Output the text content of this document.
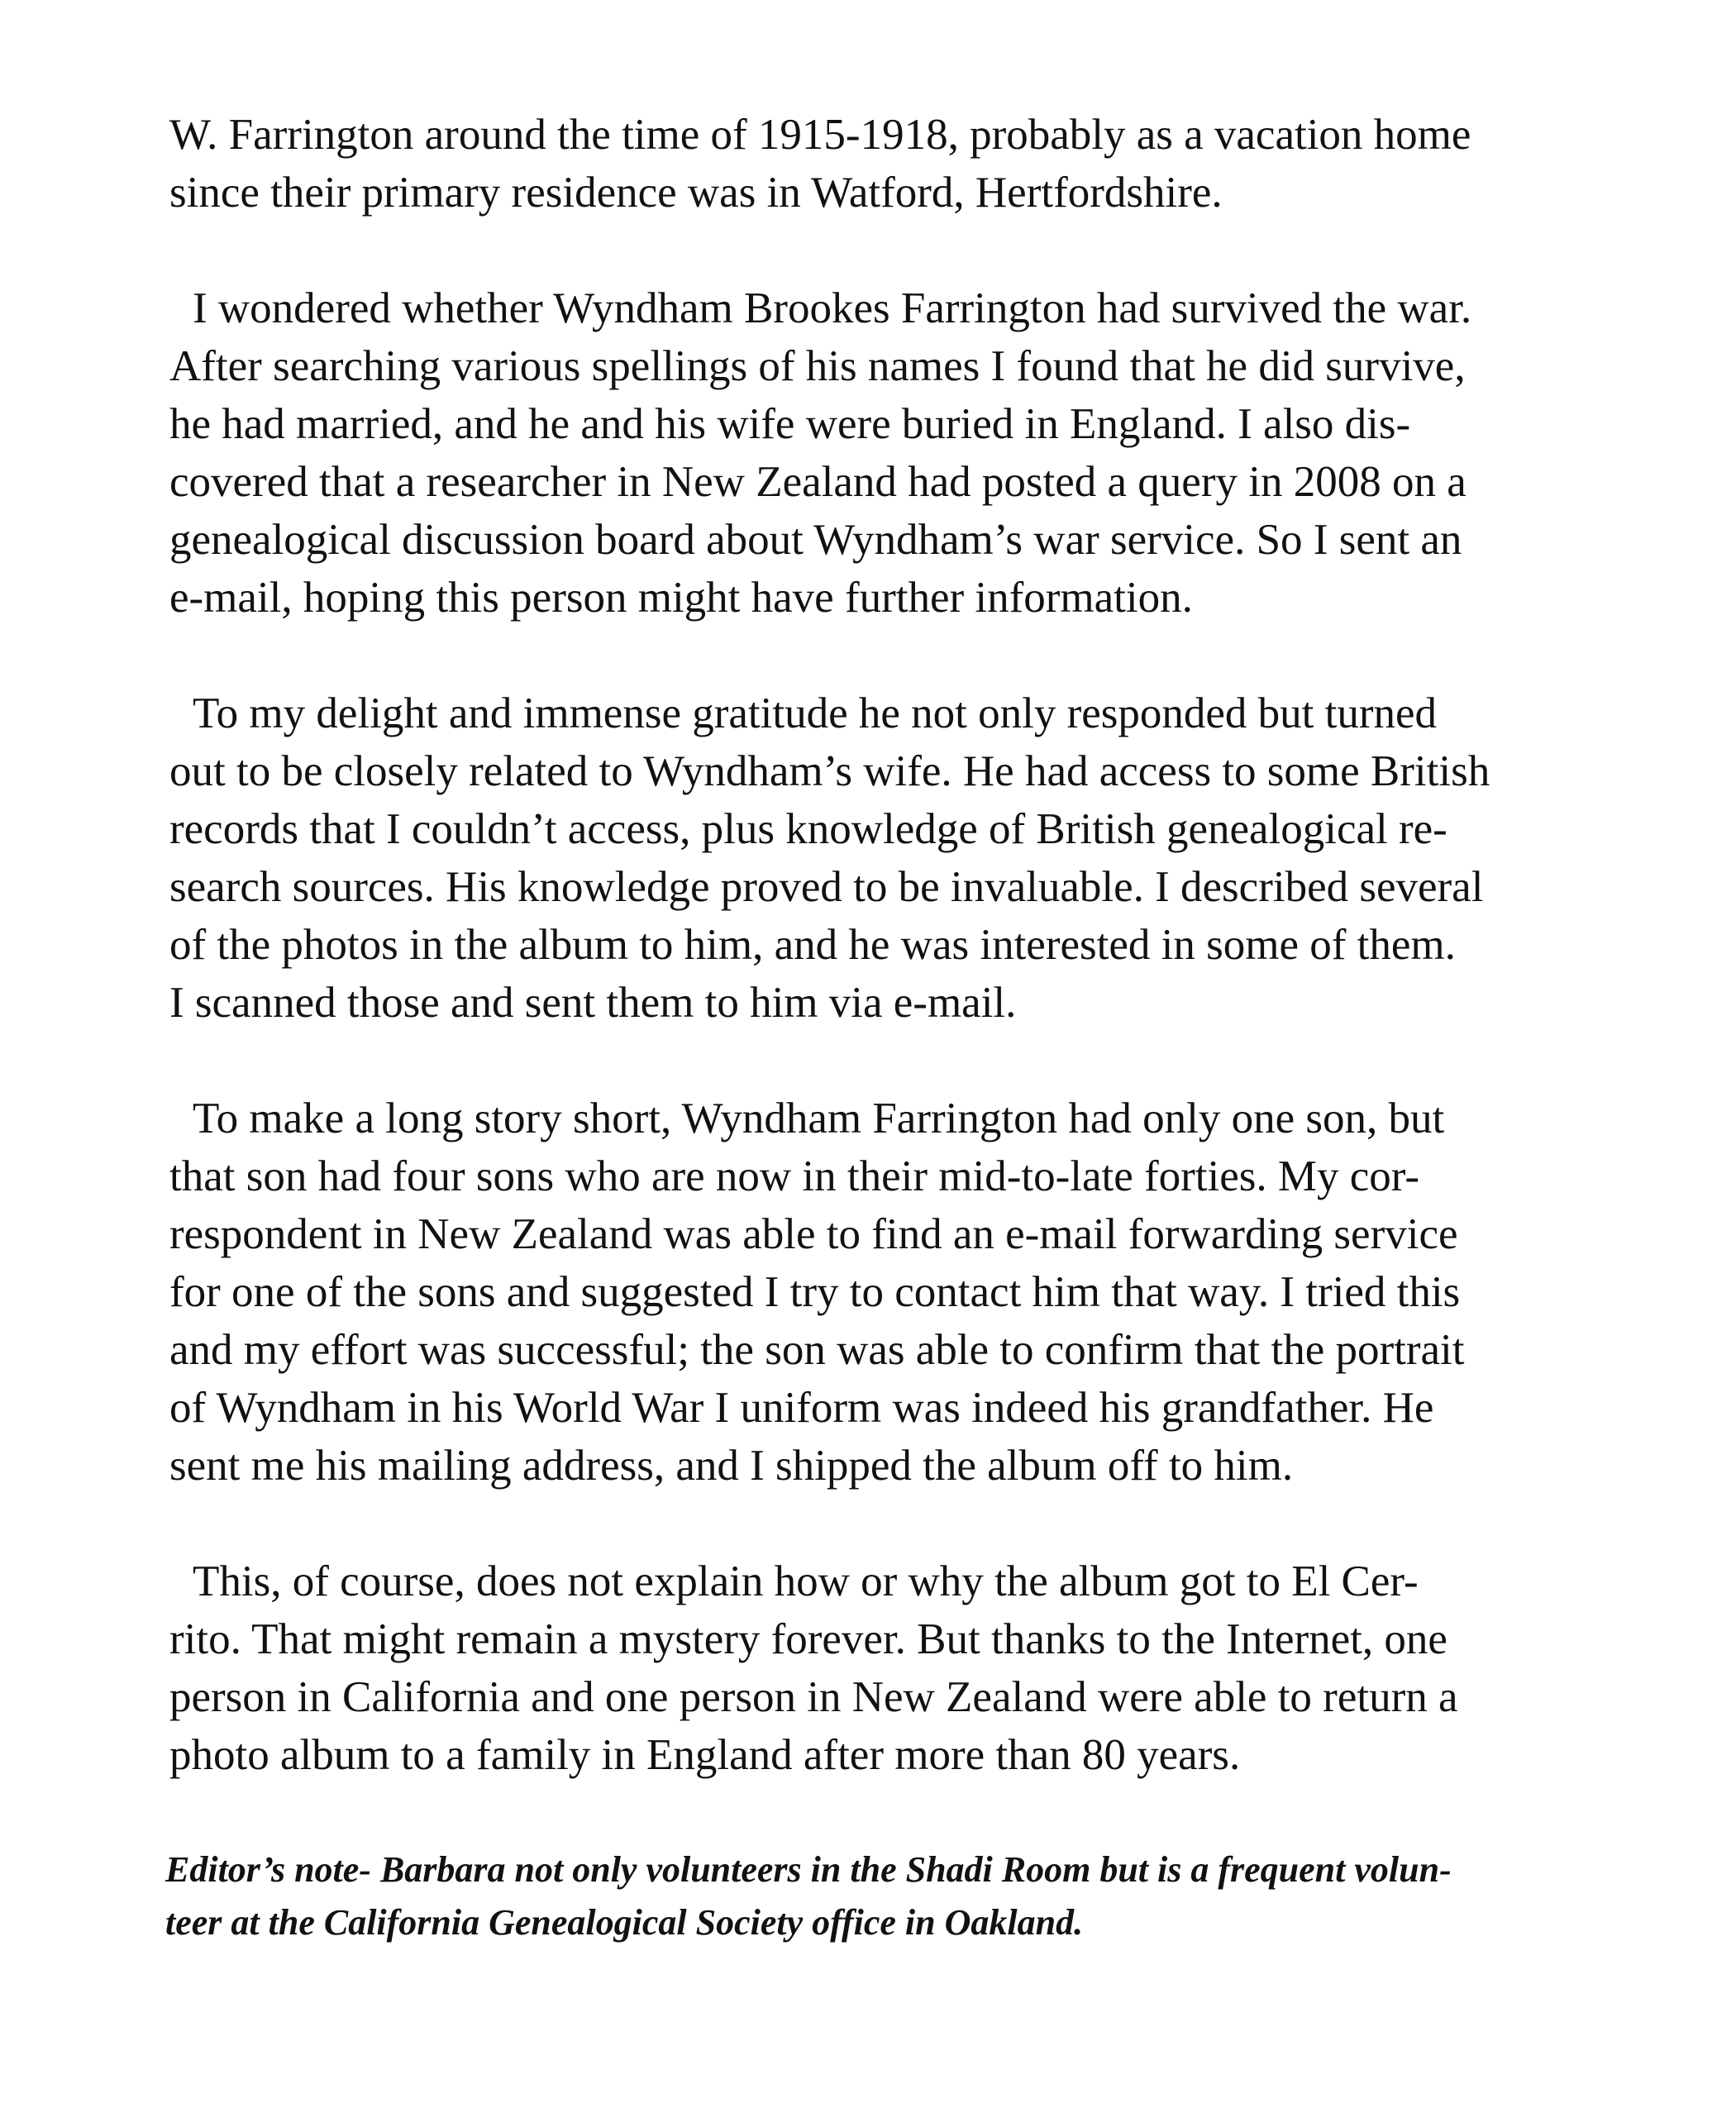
W. Farrington around the time of 1915-1918, probably as a vacation home
since their primary residence was in Watford, Hertfordshire.
I wondered whether Wyndham Brookes Farrington had survived the war.
After searching various spellings of his names I found that he did survive,
he had married, and he and his wife were buried in England. I also dis-
covered that a researcher in New Zealand had posted a query in 2008 on a
genealogical discussion board about Wyndham’s war service. So I sent an
e-mail, hoping this person might have further information.
To my delight and immense gratitude he not only responded but turned
out to be closely related to Wyndham’s wife. He had access to some British
records that I couldn’t access, plus knowledge of British genealogical re-
search sources. His knowledge proved to be invaluable. I described several
of the photos in the album to him, and he was interested in some of them.
I scanned those and sent them to him via e-mail.
To make a long story short, Wyndham Farrington had only one son, but
that son had four sons who are now in their mid-to-late forties. My cor-
respondent in New Zealand was able to find an e-mail forwarding service
for one of the sons and suggested I try to contact him that way. I tried this
and my effort was successful; the son was able to confirm that the portrait
of Wyndham in his World War I uniform was indeed his grandfather. He
sent me his mailing address, and I shipped the album off to him.
This, of course, does not explain how or why the album got to El Cer-
rito. That might remain a mystery forever. But thanks to the Internet, one
person in California and one person in New Zealand were able to return a
photo album to a family in England after more than 80 years.
Editor’s note- Barbara not only volunteers in the Shadi Room but is a frequent volun-
teer at the California Genealogical Society office in Oakland.
